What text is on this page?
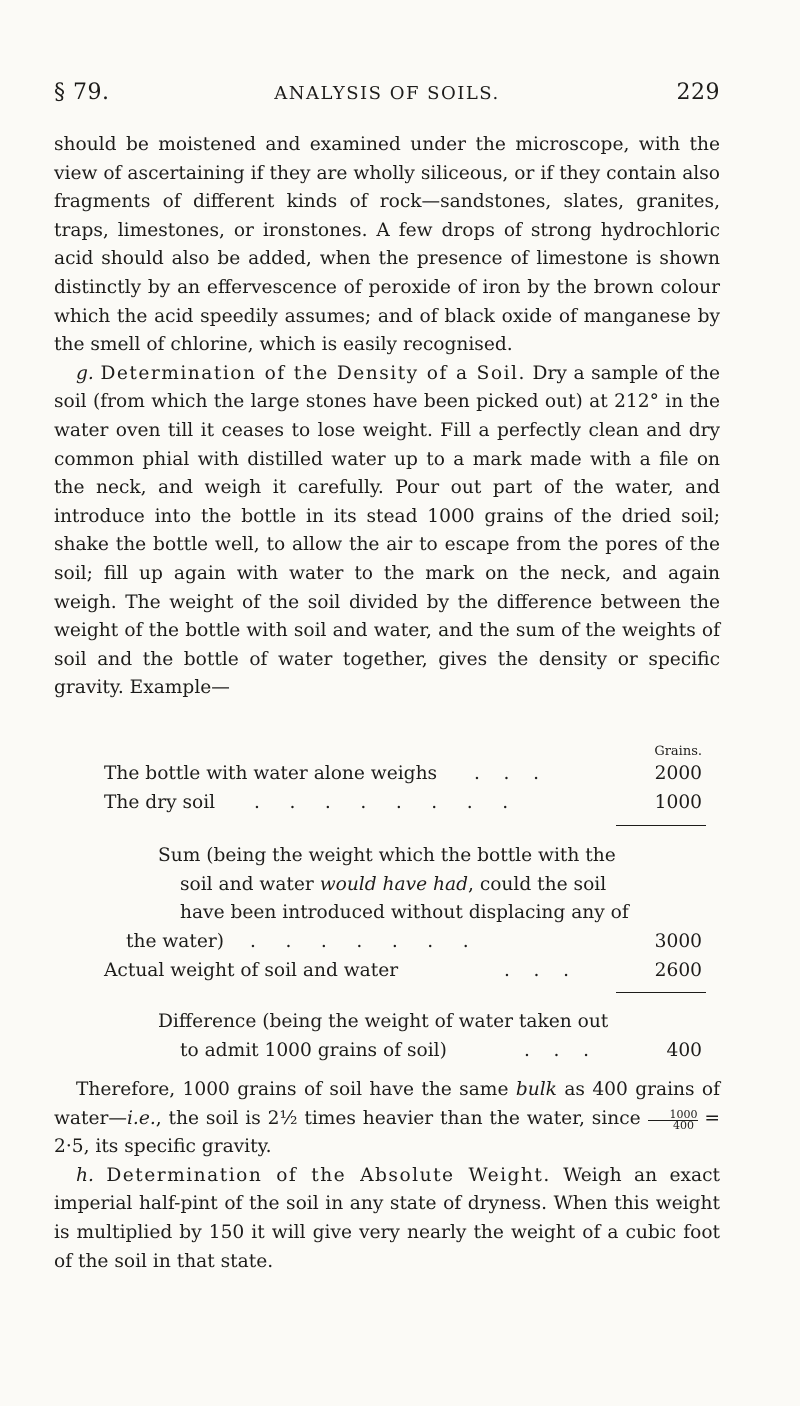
§ 79.	ANALYSIS OF SOILS.	229

should be moistened and examined under the microscope, with the view of ascertaining if they are wholly siliceous, or if they contain also fragments of different kinds of rock—sandstones, slates, granites, traps, limestones, or ironstones. A few drops of strong hydrochloric acid should also be added, when the presence of limestone is shown distinctly by an effervescence of peroxide of iron by the brown colour which the acid speedily assumes; and of black oxide of manganese by the smell of chlorine, which is easily recognised.

g. Determination of the Density of a Soil. Dry a sample of the soil (from which the large stones have been picked out) at 212° in the water oven till it ceases to lose weight. Fill a perfectly clean and dry common phial with distilled water up to a mark made with a file on the neck, and weigh it carefully. Pour out part of the water, and introduce into the bottle in its stead 1000 grains of the dried soil; shake the bottle well, to allow the air to escape from the pores of the soil; fill up again with water to the mark on the neck, and again weigh. The weight of the soil divided by the difference between the weight of the bottle with soil and water, and the sum of the weights of soil and the bottle of water together, gives the density or specific gravity. Example—

Grains.
The bottle with water alone weighs .    .    .	2000
The dry soil .     .     .     .     .     .     .     .	1000
Sum (being the weight which the bottle with the
soil and water would have had, could the soil
have been introduced without displacing any of
the water) .     .     .     .     .     .     .	3000
Actual weight of soil and water	.    .    .	2600
Difference (being the weight of water taken out
to admit 1000 grains of soil)	.    .    .	400

Therefore, 1000 grains of soil have the same bulk as 400 grains of water—i.e., the soil is 2½ times heavier than the water, since $\frac{1000}{400} = 2\cdot 5$, its specific gravity.

h. Determination of the Absolute Weight. Weigh an exact imperial half-pint of the soil in any state of dryness. When this weight is multiplied by 150 it will give very nearly the weight of a cubic foot of the soil in that state.
